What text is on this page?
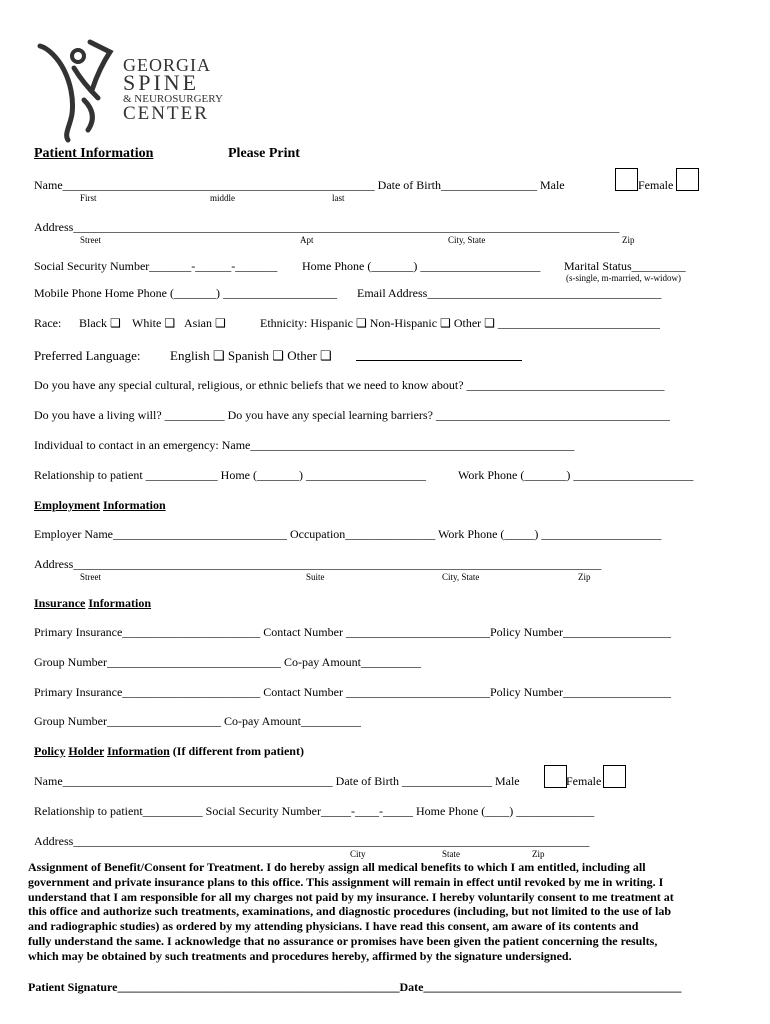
GEORGIA
SPINE
& NEUROSURGERY
CENTER
Patient Information	Please Print
Name____________________________________________________ Date of Birth________________ Male	Female
First	middle	last
Address___________________________________________________________________________________________
Street	Apt	City, State	Zip
Social Security Number_______-______-_______ Home Phone (_______) ____________________ Marital Status_________
(s-single, m-married, w-widow)
Mobile Phone Home Phone (_______) ___________________ Email Address_______________________________________
Race: Black ❑ White ❑ Asian ❑	Ethnicity: Hispanic ❑ Non-Hispanic ❑ Other ❑ ___________________________
Preferred Language: English ❑ Spanish ❑ Other ❑
Do you have any special cultural, religious, or ethnic beliefs that we need to know about? _________________________________
Do you have a living will? __________ Do you have any special learning barriers? _______________________________________
Individual to contact in an emergency: Name______________________________________________________
Relationship to patient ____________ Home (_______) ____________________	Work Phone (_______) ____________________
Employment Information
Employer Name_____________________________ Occupation_______________ Work Phone (_____) ____________________
Address________________________________________________________________________________________
Street	Suite	City, State	Zip
Insurance Information
Primary Insurance_______________________ Contact Number ________________________Policy Number__________________
Group Number_____________________________ Co-pay Amount__________
Primary Insurance_______________________ Contact Number ________________________Policy Number__________________
Group Number___________________ Co-pay Amount__________
Policy Holder Information (If different from patient)
Name_____________________________________________ Date of Birth _______________ Male	Female
Relationship to patient__________ Social Security Number_____-____-_____ Home Phone (____) _____________
Address______________________________________________________________________________________
City	State	Zip
Assignment of Benefit/Consent for Treatment. I do hereby assign all medical benefits to which I am entitled, including all
government and private insurance plans to this office. This assignment will remain in effect until revoked by me in writing. I
understand that I am responsible for all my charges not paid by my insurance. I hereby voluntarily consent to me treatment at
this office and authorize such treatments, examinations, and diagnostic procedures (including, but not limited to the use of lab
and radiographic studies) as ordered by my attending physicians. I have read this consent, am aware of its contents and
fully understand the same. I acknowledge that no assurance or promises have been given the patient concerning the results,
which may be obtained by such treatments and procedures hereby, affirmed by the signature undersigned.
Patient Signature_______________________________________________Date___________________________________________
